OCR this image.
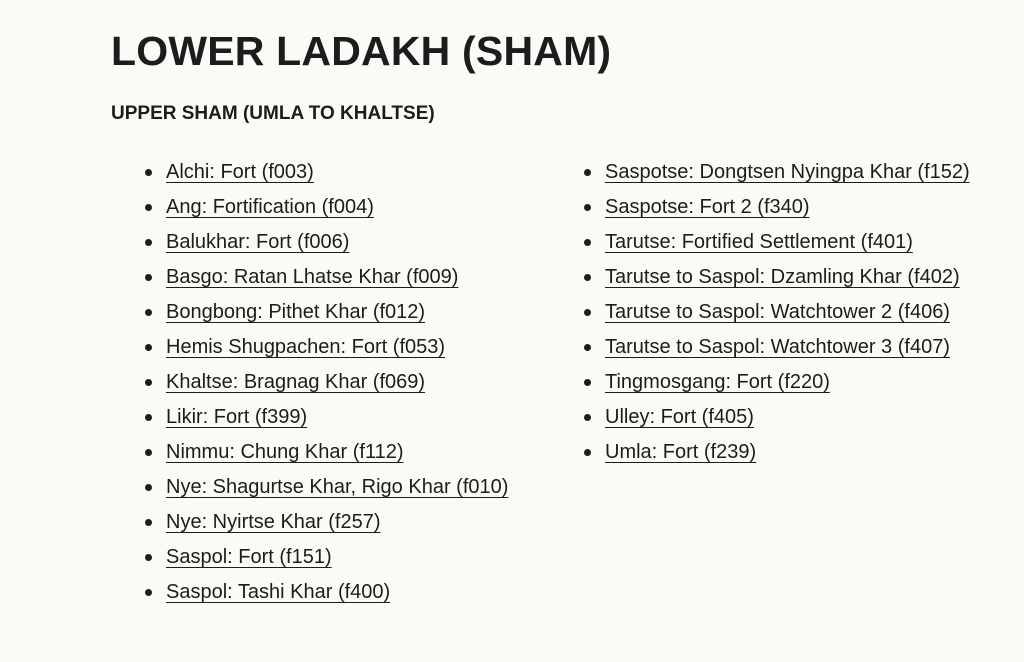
LOWER LADAKH (SHAM)
UPPER SHAM (UMLA TO KHALTSE)
Alchi: Fort (f003)
Ang: Fortification (f004)
Balukhar: Fort (f006)
Basgo: Ratan Lhatse Khar (f009)
Bongbong: Pithet Khar (f012)
Hemis Shugpachen: Fort (f053)
Khaltse: Bragnag Khar (f069)
Likir: Fort (f399)
Nimmu: Chung Khar (f112)
Nye: Shagurtse Khar, Rigo Khar (f010)
Nye: Nyirtse Khar (f257)
Saspol: Fort (f151)
Saspol: Tashi Khar (f400)
Saspotse: Dongtsen Nyingpa Khar (f152)
Saspotse: Fort 2 (f340)
Tarutse: Fortified Settlement (f401)
Tarutse to Saspol: Dzamling Khar (f402)
Tarutse to Saspol: Watchtower 2 (f406)
Tarutse to Saspol: Watchtower 3 (f407)
Tingmosgang: Fort (f220)
Ulley: Fort (f405)
Umla: Fort (f239)
